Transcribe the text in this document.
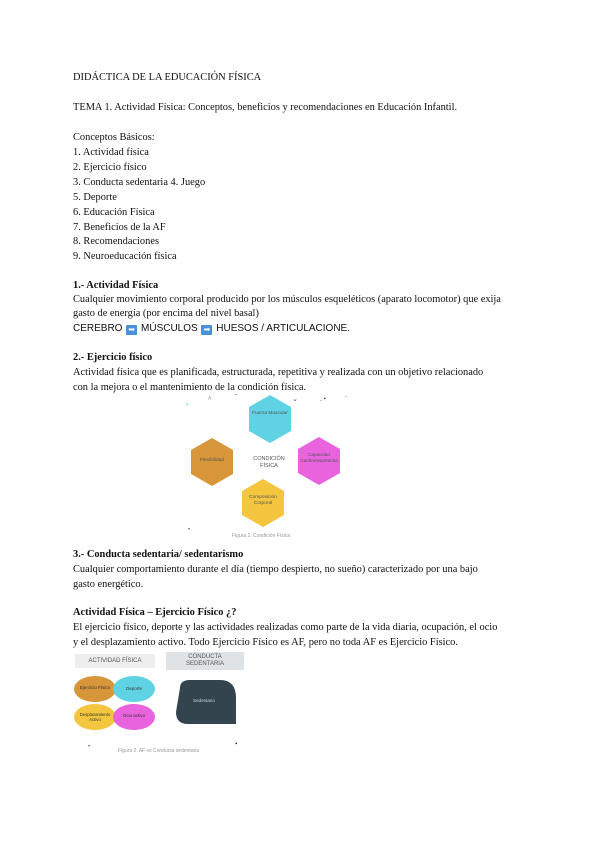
DIDÁCTICA DE LA EDUCACIÓN FÍSICA
TEMA 1. Actividad Física: Conceptos, beneficios y recomendaciones en Educación Infantil.
Conceptos Básicos:
1. Actividad física
2. Ejercicio físico
3. Conducta sedentaria 4. Juego
5. Deporte
6. Educación Física
7. Beneficios de la AF
8. Recomendaciones
9. Neuroeducación física
1.- Actividad Física
Cualquier movimiento corporal producido por los músculos esqueléticos (aparato locomotor) que exija
gasto de energía (por encima del nivel basal)
CEREBRO ➡ MÚSCULOS ➡ HUESOS / ARTICULACIONE.
2.- Ejercicio físico
Actividad física que es planificada, estructurada, repetitiva y realizada con un objetivo relacionado
con la mejora o el mantenimiento de la condición física.
^	ˇ	⌄	. •	`
•
CONDICIÓN
FÍSICA
Fuerza Muscular
Capacidad Cardiorrespiratoria
Composición Corporal
Flexibilidad
•
Figura 1. Condición Física
3.- Conducta sedentaria/ sedentarismo
Cualquier comportamiento durante el día (tiempo despierto, no sueño) caracterizado por una bajo
gasto energético.
Actividad Física – Ejercicio Físico ¿?
El ejercicio físico, deporte y las actividades realizadas como parte de la vida diaria, ocupación, el ocio
y el desplazamiento activo. Todo Ejercicio Físico es AF, pero no toda AF es Ejercicio Físico.
ACTIVIDAD FÍSICA
CONDUCTA
SEDENTARIA
•
Ejercicio Físico	Deporte
Desplazamiento Activo
Ocio activo
Sedentario
•
Figura 2. AF vs Conducta sedentaria
